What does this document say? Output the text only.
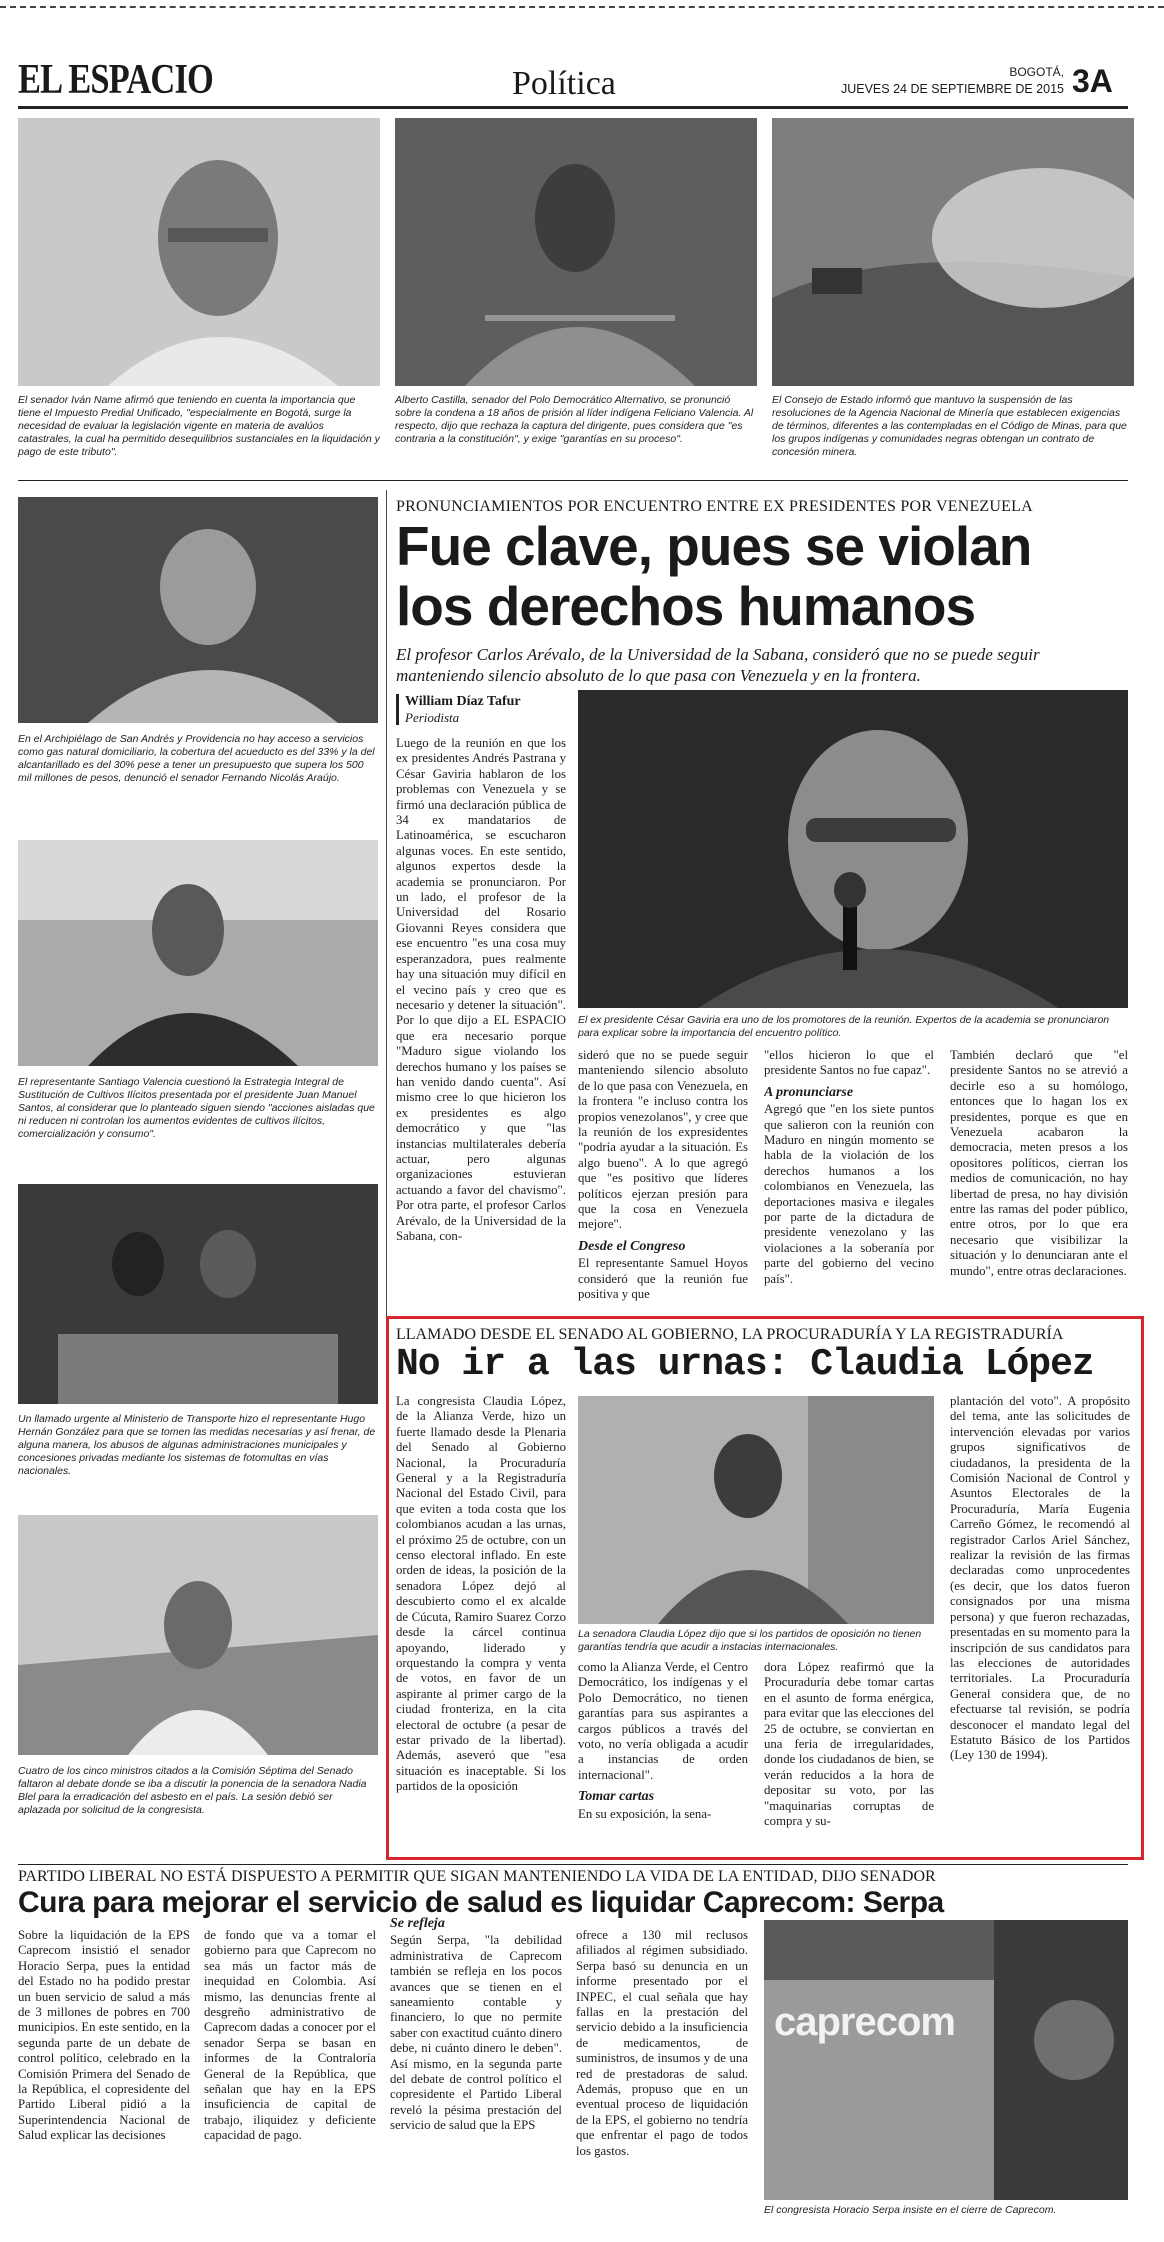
EL ESPACIO	Política	BOGOTÁ,
JUEVES 24 DE SEPTIEMBRE DE 2015 3A
El senador Iván Name afirmó que teniendo en cuenta la importancia que tiene el Impuesto Predial Unificado, "especialmente en Bogotá, surge la necesidad de evaluar la legislación vigente en materia de avalúos catastrales, la cual ha permitido desequilibrios sustanciales en la liquidación y pago de este tributo".
Alberto Castilla, senador del Polo Democrático Alternativo, se pronunció sobre la condena a 18 años de prisión al líder indígena Feliciano Valencia. Al respecto, dijo que rechaza la captura del dirigente, pues considera que "es contraria a la constitución", y exige "garantías en su proceso".
El Consejo de Estado informó que mantuvo la suspensión de las resoluciones de la Agencia Nacional de Minería que establecen exigencias de términos, diferentes a las contempladas en el Código de Minas, para que los grupos indígenas y comunidades negras obtengan un contrato de concesión minera.
En el Archipiélago de San Andrés y Providencia no hay acceso a servicios como gas natural domiciliario, la cobertura del acueducto es del 33% y la del alcantarillado es del 30% pese a tener un presupuesto que supera los 500 mil millones de pesos, denunció el senador Fernando Nicolás Araújo.
El representante Santiago Valencia cuestionó la Estrategia Integral de Sustitución de Cultivos Ilícitos presentada por el presidente Juan Manuel Santos, al considerar que lo planteado siguen siendo "acciones aisladas que ni reducen ni controlan los aumentos evidentes de cultivos ilícitos, comercialización y consumo".
Un llamado urgente al Ministerio de Transporte hizo el representante Hugo Hernán González para que se tomen las medidas necesarias y así frenar, de alguna manera, los abusos de algunas administraciones municipales y concesiones privadas mediante los sistemas de fotomultas en vías nacionales.
Cuatro de los cinco ministros citados a la Comisión Séptima del Senado faltaron al debate donde se iba a discutir la ponencia de la senadora Nadia Blel para la erradicación del asbesto en el país. La sesión debió ser aplazada por solicitud de la congresista.
PRONUNCIAMIENTOS POR ENCUENTRO ENTRE EX PRESIDENTES POR VENEZUELA
Fue clave, pues se violan
los derechos humanos
El profesor Carlos Arévalo, de la Universidad de la Sabana, consideró que no se puede seguir manteniendo silencio absoluto de lo que pasa con Venezuela y en la frontera.
William Díaz Tafur
Periodista
Luego de la reunión en que los ex presidentes Andrés Pastrana y César Gaviria hablaron de los problemas con Venezuela y se firmó una declaración pública de 34 ex mandatarios de Latinoamérica, se escucharon algunas voces. En este sentido, algunos expertos desde la academia se pronunciaron. Por un lado, el profesor de la Universidad del Rosario Giovanni Reyes considera que ese encuentro "es una cosa muy esperanzadora, pues realmente hay una situación muy difícil en el vecino país y creo que es necesario y detener la situación". Por lo que dijo a EL ESPACIO que era necesario porque "Maduro sigue violando los derechos humano y los países se han venido dando cuenta". Así mismo cree lo que hicieron los ex presidentes es algo democrático y que "las instancias multilaterales debería actuar, pero algunas organizaciones estuvieran actuando a favor del chavismo". Por otra parte, el profesor Carlos Arévalo, de la Universidad de la Sabana, con-
El ex presidente César Gaviria era uno de los promotores de la reunión. Expertos de la academia se pronunciaron para explicar sobre la importancia del encuentro político.
sideró que no se puede seguir manteniendo silencio absoluto de lo que pasa con Venezuela, en la frontera "e incluso contra los propios venezolanos", y cree que la reunión de los expresidentes "podría ayudar a la situación. Es algo bueno". A lo que agregó que "es positivo que líderes políticos ejerzan presión para que la cosa en Venezuela mejore".
Desde el Congreso
El representante Samuel Hoyos consideró que la reunión fue positiva y que
"ellos hicieron lo que el presidente Santos no fue capaz".
A pronunciarse
Agregó que "en los siete puntos que salieron con la reunión con Maduro en ningún momento se habla de la violación de los derechos humanos a los colombianos en Venezuela, las deportaciones masiva e ilegales por parte de la dictadura de presidente venezolano y las violaciones a la soberanía por parte del gobierno del vecino país".
También declaró que "el presidente Santos no se atrevió a decirle eso a su homólogo, entonces que lo hagan los ex presidentes, porque es que en Venezuela acabaron la democracia, meten presos a los opositores políticos, cierran los medios de comunicación, no hay libertad de presa, no hay división entre las ramas del poder público, entre otros, por lo que era necesario que visibilizar la situación y lo denunciaran ante el mundo", entre otras declaraciones.
LLAMADO DESDE EL SENADO AL GOBIERNO, LA PROCURADURÍA Y LA REGISTRADURÍA
No ir a las urnas: Claudia López
La congresista Claudia López, de la Alianza Verde, hizo un fuerte llamado desde la Plenaria del Senado al Gobierno Nacional, la Procuraduría General y a la Registraduría Nacional del Estado Civil, para que eviten a toda costa que los colombianos acudan a las urnas, el próximo 25 de octubre, con un censo electoral inflado. En este orden de ideas, la posición de la senadora López dejó al descubierto como el ex alcalde de Cúcuta, Ramiro Suarez Corzo desde la cárcel continua apoyando, liderado y orquestando la compra y venta de votos, en favor de un aspirante al primer cargo de la ciudad fronteriza, en la cita electoral de octubre (a pesar de estar privado de la libertad). Además, aseveró que "esa situación es inaceptable. Si los partidos de la oposición
La senadora Claudia López dijo que si los partidos de oposición no tienen garantías tendría que acudir a instacias internacionales.
como la Alianza Verde, el Centro Democrático, los indígenas y el Polo Democrático, no tienen garantías para sus aspirantes a cargos públicos a través del voto, no vería obligada a acudir a instancias de orden internacional".
Tomar cartas
En su exposición, la sena-
dora López reafirmó que la Procuraduría debe tomar cartas en el asunto de forma enérgica, para evitar que las elecciones del 25 de octubre, se conviertan en una feria de irregularidades, donde los ciudadanos de bien, se verán reducidos a la hora de depositar su voto, por las "maquinarias corruptas de compra y su-
plantación del voto". A propósito del tema, ante las solicitudes de intervención elevadas por varios grupos significativos de ciudadanos, la presidenta de la Comisión Nacional de Control y Asuntos Electorales de la Procuraduría, María Eugenia Carreño Gómez, le recomendó al registrador Carlos Ariel Sánchez, realizar la revisión de las firmas declaradas como unprocedentes (es decir, que los datos fueron consignados por una misma persona) y que fueron rechazadas, presentadas en su momento para la inscripción de sus candidatos para las elecciones de autoridades territoriales. La Procuraduría General considera que, de no efectuarse tal revisión, se podría desconocer el mandato legal del Estatuto Básico de los Partidos (Ley 130 de 1994).
PARTIDO LIBERAL NO ESTÁ DISPUESTO A PERMITIR QUE SIGAN MANTENIENDO LA VIDA DE LA ENTIDAD, DIJO SENADOR
Cura para mejorar el servicio de salud es liquidar Caprecom: Serpa
Sobre la liquidación de la EPS Caprecom insistió el senador Horacio Serpa, pues la entidad del Estado no ha podido prestar un buen servicio de salud a más de 3 millones de pobres en 700 municipios. En este sentido, en la segunda parte de un debate de control político, celebrado en la Comisión Primera del Senado de la República, el copresidente del Partido Liberal pidió a la Superintendencia Nacional de Salud explicar las decisiones
de fondo que va a tomar el gobierno para que Caprecom no sea más un factor más de inequidad en Colombia. Así mismo, las denuncias frente al desgreño administrativo de Caprecom dadas a conocer por el senador Serpa se basan en informes de la Contraloría General de la República, que señalan que hay en la EPS insuficiencia de capital de trabajo, iliquidez y deficiente capacidad de pago.
Se refleja
Según Serpa, "la debilidad administrativa de Caprecom también se refleja en los pocos avances que se tienen en el saneamiento contable y financiero, lo que no permite saber con exactitud cuánto dinero debe, ni cuánto dinero le deben". Así mismo, en la segunda parte del debate de control político el copresidente el Partido Liberal reveló la pésima prestación del servicio de salud que la EPS
ofrece a 130 mil reclusos afiliados al régimen subsidiado. Serpa basó su denuncia en un informe presentado por el INPEC, el cual señala que hay fallas en la prestación del servicio debido a la insuficiencia de medicamentos, de suministros, de insumos y de una red de prestadoras de salud. Además, propuso que en un eventual proceso de liquidación de la EPS, el gobierno no tendría que enfrentar el pago de todos los gastos.
caprecom
El congresista Horacio Serpa insiste en el cierre de Caprecom.
